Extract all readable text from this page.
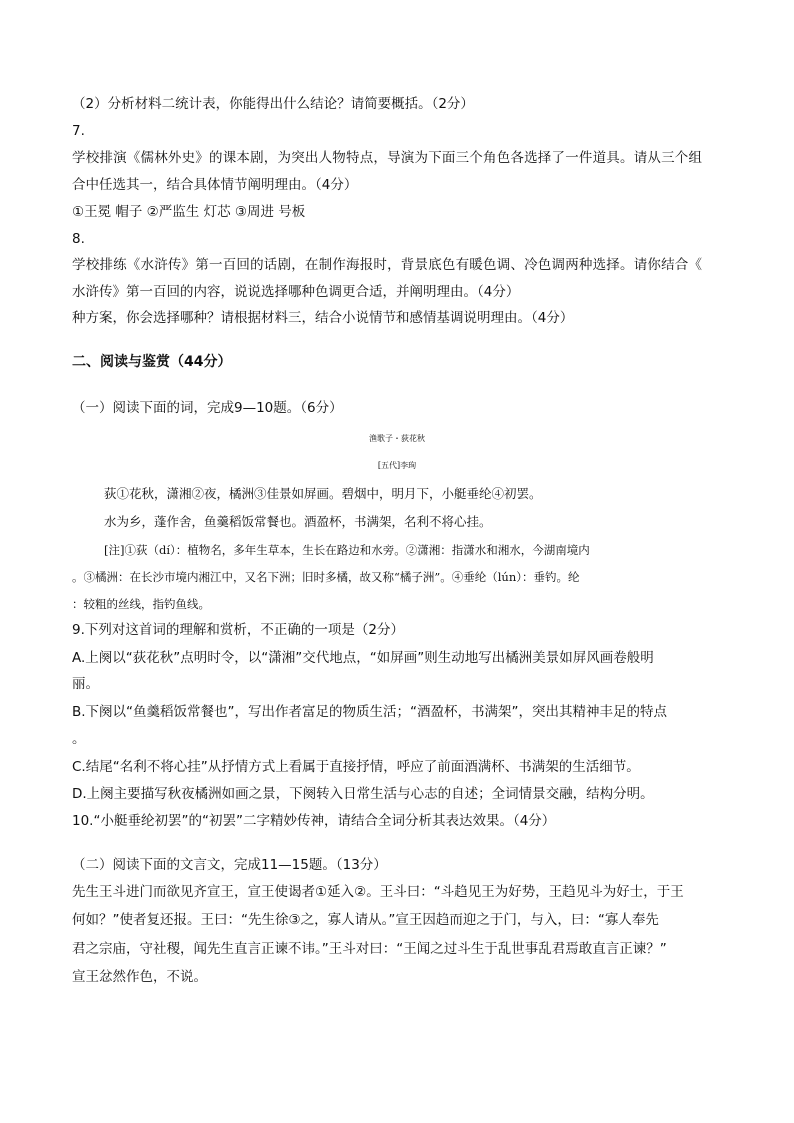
（2）分析材料二统计表，你能得出什么结论？请简要概括。（2分）
7.
学校排演《儒林外史》的课本剧，为突出人物特点，导演为下面三个角色各选择了一件道具。请从三个组
合中任选其一，结合具体情节阐明理由。（4分）
①王冕 帽子 ②严监生 灯芯 ③周进 号板
8.
学校排练《水浒传》第一百回的话剧，在制作海报时，背景底色有暖色调、冷色调两种选择。请你结合《
水浒传》第一百回的内容，说说选择哪种色调更合适，并阐明理由。（4分）
种方案，你会选择哪种？请根据材料三，结合小说情节和感情基调说明理由。（4分）
二、阅读与鉴赏（44分）
（一）阅读下面的词，完成9—10题。（6分）
渔歌子・荻花秋
[五代]李珣
荻①花秋，潇湘②夜，橘洲③佳景如屏画。碧烟中，明月下，小艇垂纶④初罢。
水为乡，蓬作舍，鱼羹稻饭常餐也。酒盈杯，书满架，名利不将心挂。
[注]①荻（dí）：植物名，多年生草本，生长在路边和水旁。②潇湘：指潇水和湘水，今湖南境内
。③橘洲：在长沙市境内湘江中，又名下洲；旧时多橘，故又称“橘子洲”。④垂纶（lún）：垂钓。纶
：较粗的丝线，指钓鱼线。
9.下列对这首词的理解和赏析，不正确的一项是（2分）
A.上阕以“荻花秋”点明时令，以“潇湘”交代地点，“如屏画”则生动地写出橘洲美景如屏风画卷般明
丽。
B.下阕以“鱼羹稻饭常餐也”，写出作者富足的物质生活；“酒盈杯，书满架”，突出其精神丰足的特点
。
C.结尾“名利不将心挂”从抒情方式上看属于直接抒情，呼应了前面酒满杯、书满架的生活细节。
D.上阕主要描写秋夜橘洲如画之景，下阕转入日常生活与心志的自述；全词情景交融，结构分明。
10.“小艇垂纶初罢”的“初罢”二字精妙传神，请结合全词分析其表达效果。（4分）
（二）阅读下面的文言文，完成11—15题。（13分）
先生王斗进门而欲见齐宣王，宣王使谒者①延入②。王斗曰：“斗趋见王为好势，王趋见斗为好士，于王
何如？”使者复还报。王曰：“先生徐③之，寡人请从。”宣王因趋而迎之于门，与入，曰：“寡人奉先
君之宗庙，守社稷，闻先生直言正谏不讳。”王斗对曰：“王闻之过斗生于乱世事乱君焉敢直言正谏？”
宣王忿然作色，不说。
